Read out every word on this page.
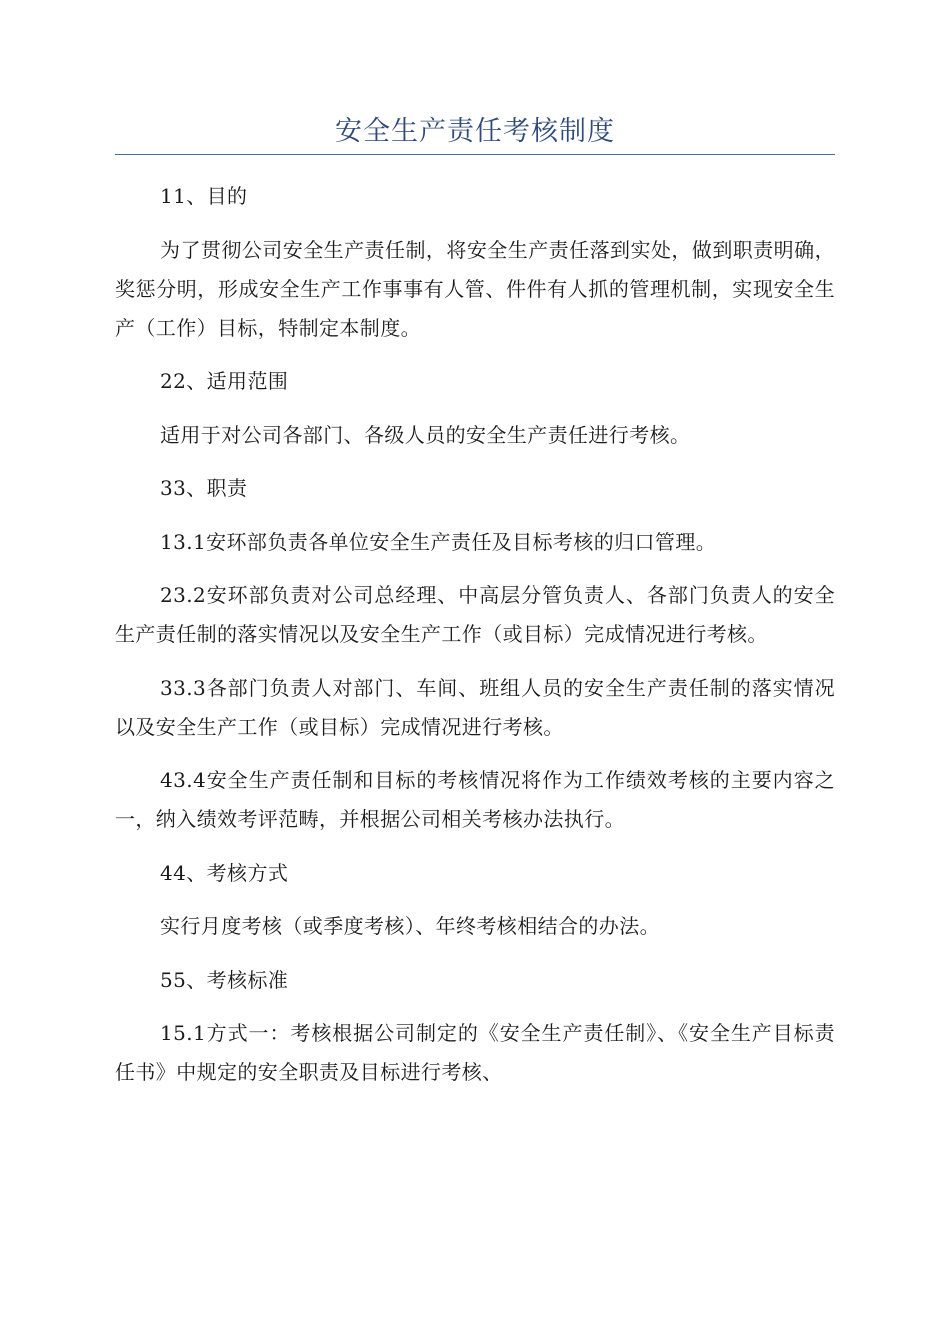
安全生产责任考核制度

11、目的

为了贯彻公司安全生产责任制，将安全生产责任落到实处，做到职责明确，奖惩分明，形成安全生产工作事事有人管、件件有人抓的管理机制，实现安全生产（工作）目标，特制定本制度。

22、适用范围

适用于对公司各部门、各级人员的安全生产责任进行考核。

33、职责

13.1安环部负责各单位安全生产责任及目标考核的归口管理。

23.2安环部负责对公司总经理、中高层分管负责人、各部门负责人的安全生产责任制的落实情况以及安全生产工作（或目标）完成情况进行考核。

33.3各部门负责人对部门、车间、班组人员的安全生产责任制的落实情况以及安全生产工作（或目标）完成情况进行考核。

43.4安全生产责任制和目标的考核情况将作为工作绩效考核的主要内容之一，纳入绩效考评范畴，并根据公司相关考核办法执行。

44、考核方式

实行月度考核（或季度考核）、年终考核相结合的办法。

55、考核标准

15.1方式一：考核根据公司制定的《安全生产责任制》、《安全生产目标责任书》中规定的安全职责及目标进行考核、
